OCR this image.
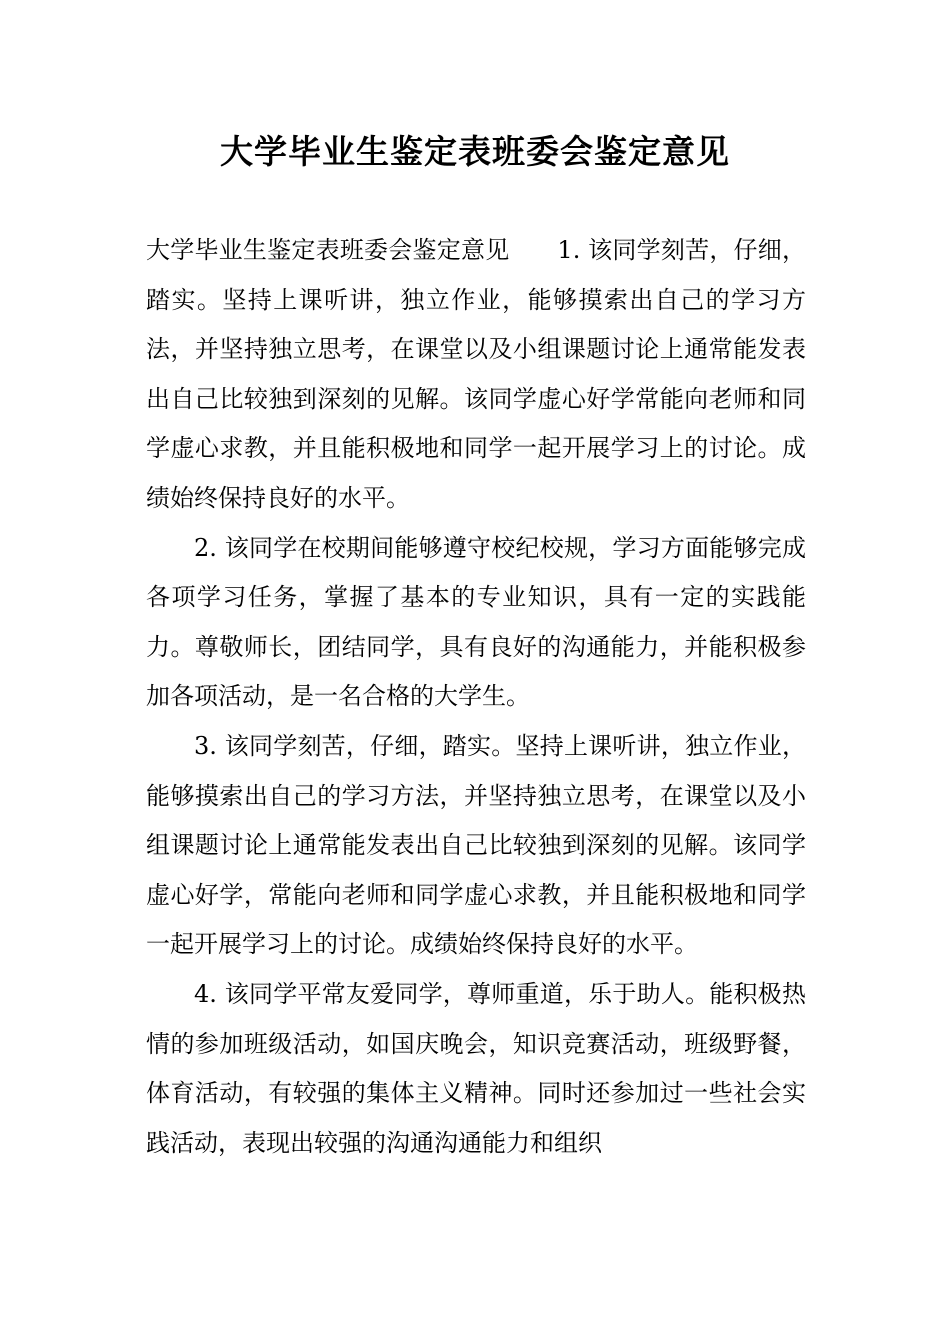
大学毕业生鉴定表班委会鉴定意见

大学毕业生鉴定表班委会鉴定意见 1. 该同学刻苦，仔细，踏实。坚持上课听讲，独立作业，能够摸索出自己的学习方法，并坚持独立思考，在课堂以及小组课题讨论上通常能发表出自己比较独到深刻的见解。该同学虚心好学常能向老师和同学虚心求教，并且能积极地和同学一起开展学习上的讨论。成绩始终保持良好的水平。

2. 该同学在校期间能够遵守校纪校规，学习方面能够完成各项学习任务，掌握了基本的专业知识，具有一定的实践能力。尊敬师长，团结同学，具有良好的沟通能力，并能积极参加各项活动，是一名合格的大学生。

3. 该同学刻苦，仔细，踏实。坚持上课听讲，独立作业，能够摸索出自己的学习方法，并坚持独立思考，在课堂以及小组课题讨论上通常能发表出自己比较独到深刻的见解。该同学虚心好学，常能向老师和同学虚心求教，并且能积极地和同学一起开展学习上的讨论。成绩始终保持良好的水平。

4. 该同学平常友爱同学，尊师重道，乐于助人。能积极热情的参加班级活动，如国庆晚会，知识竞赛活动，班级野餐，体育活动，有较强的集体主义精神。同时还参加过一些社会实践活动，表现出较强的沟通沟通能力和组织
